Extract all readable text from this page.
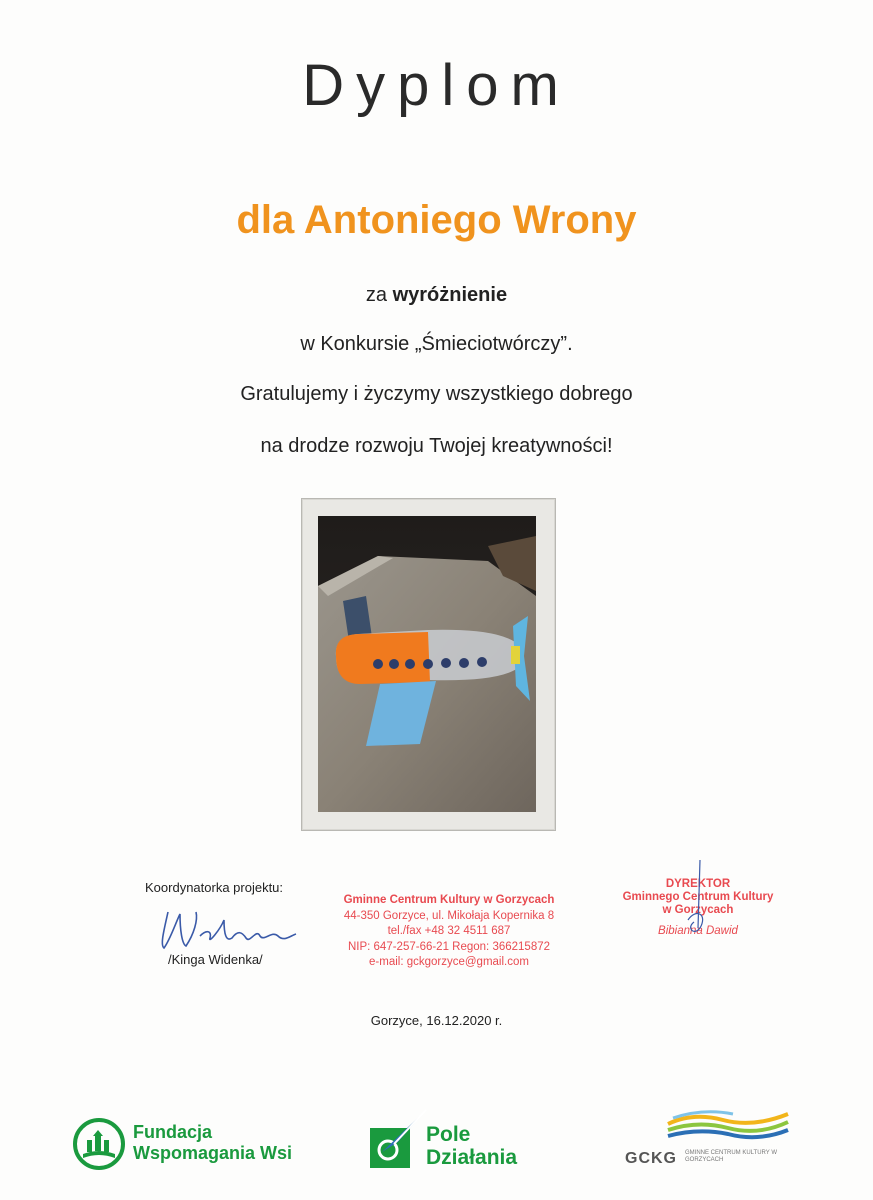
Dyplom
dla Antoniego Wrony
za wyróżnienie
w Konkursie „Śmieciotwórczy”.
Gratulujemy i życzymy wszystkiego dobrego
na drodze rozwoju Twojej kreatywności!
Koordynatorka projektu:
/Kinga Widenka/
Gminne Centrum Kultury w Gorzycach
44-350 Gorzyce, ul. Mikołaja Kopernika 8
tel./fax +48 32 4511 687
NIP: 647-257-66-21 Regon: 366215872
e-mail: gckgorzyce@gmail.com
DYREKTOR
Gminnego Centrum Kultury
w Gorzycach
Bibianna Dawid
Gorzyce, 16.12.2020 r.
Fundacja
Wspomagania Wsi
Pole
Działania	GCKG GMINNE CENTRUM KULTURY W GORZYCACH
